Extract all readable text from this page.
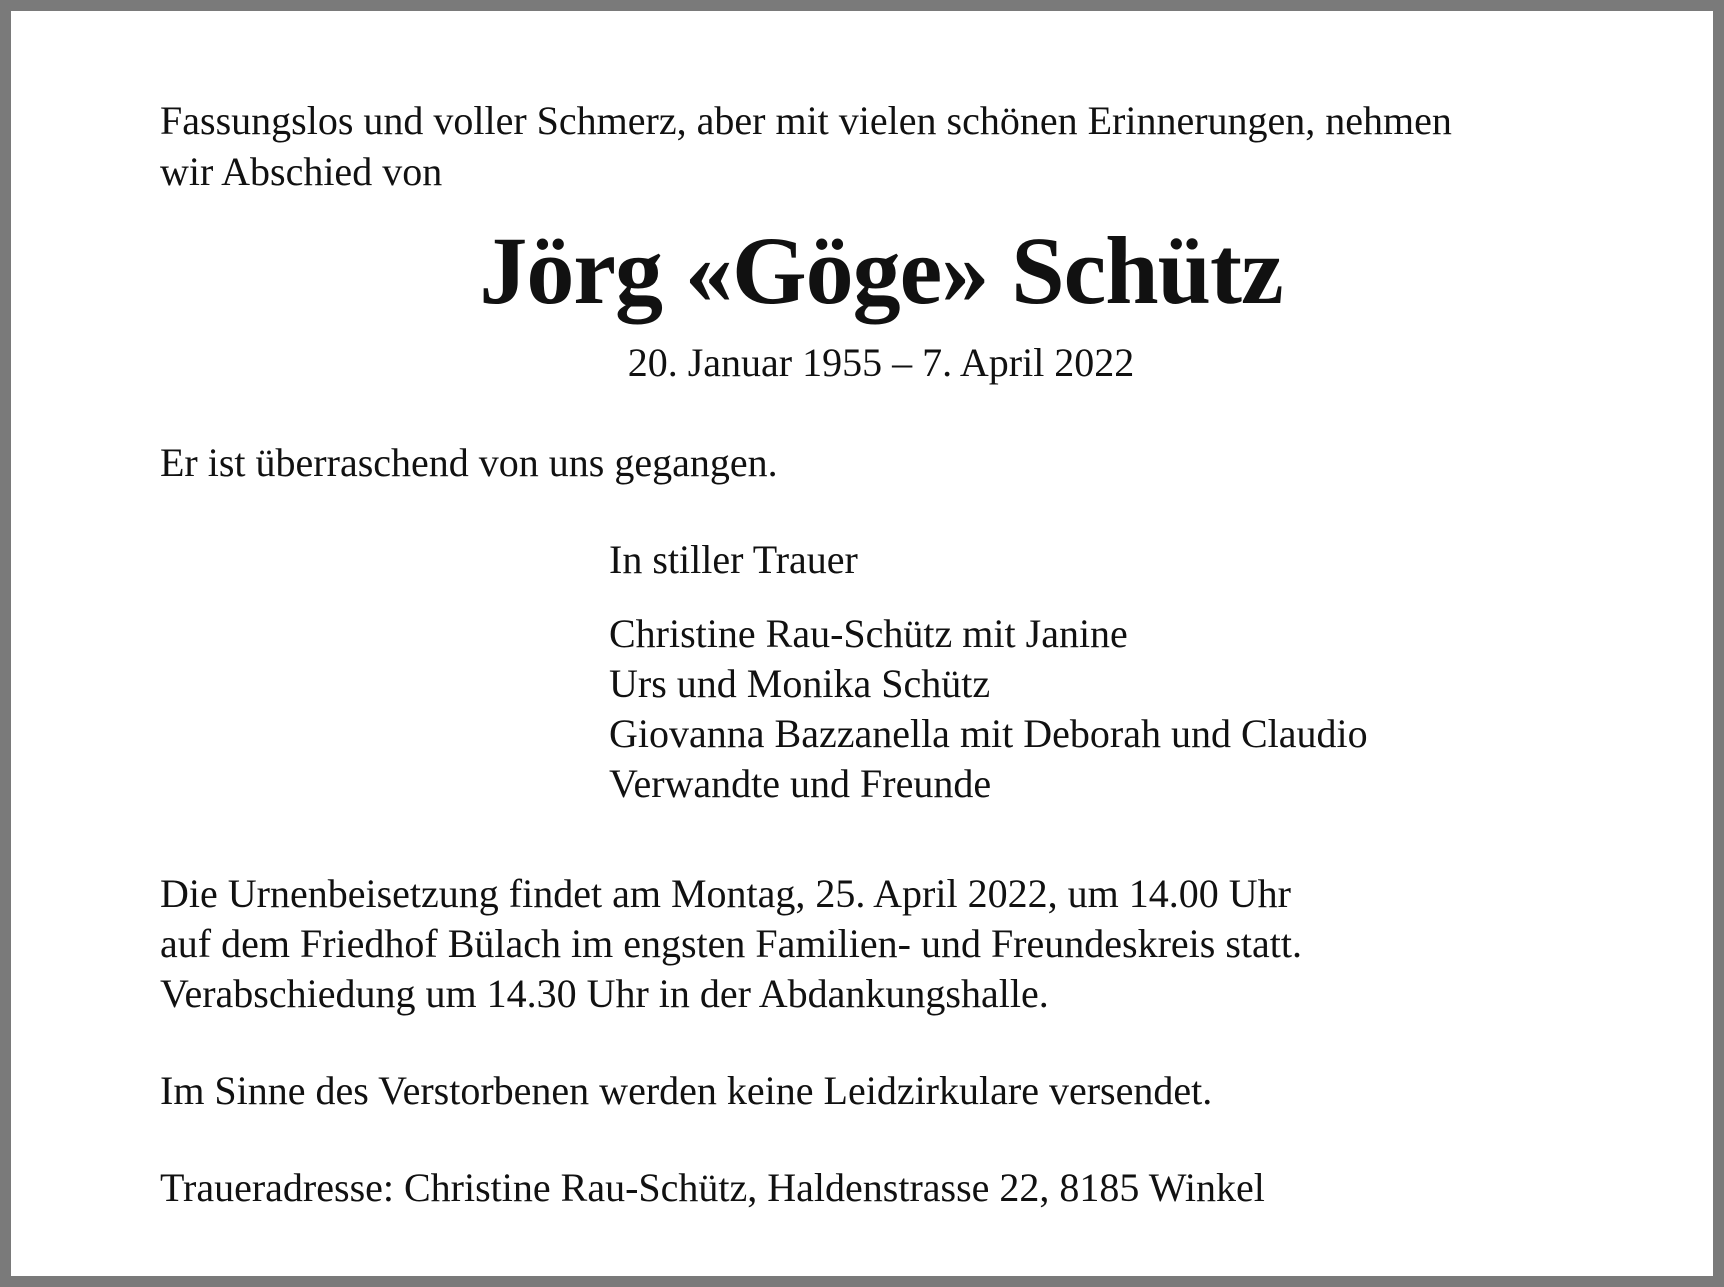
Fassungslos und voller Schmerz, aber mit vielen schönen Erinnerungen, nehmen
wir Abschied von
Jörg «Göge» Schütz
20. Januar 1955 – 7. April 2022
Er ist überraschend von uns gegangen.
In stiller Trauer
Christine Rau-Schütz mit Janine
Urs und Monika Schütz
Giovanna Bazzanella mit Deborah und Claudio
Verwandte und Freunde
Die Urnenbeisetzung findet am Montag, 25. April 2022, um 14.00 Uhr
auf dem Friedhof Bülach im engsten Familien- und Freundeskreis statt.
Verabschiedung um 14.30 Uhr in der Abdankungshalle.
Im Sinne des Verstorbenen werden keine Leidzirkulare versendet.
Traueradresse: Christine Rau-Schütz, Haldenstrasse 22, 8185 Winkel
